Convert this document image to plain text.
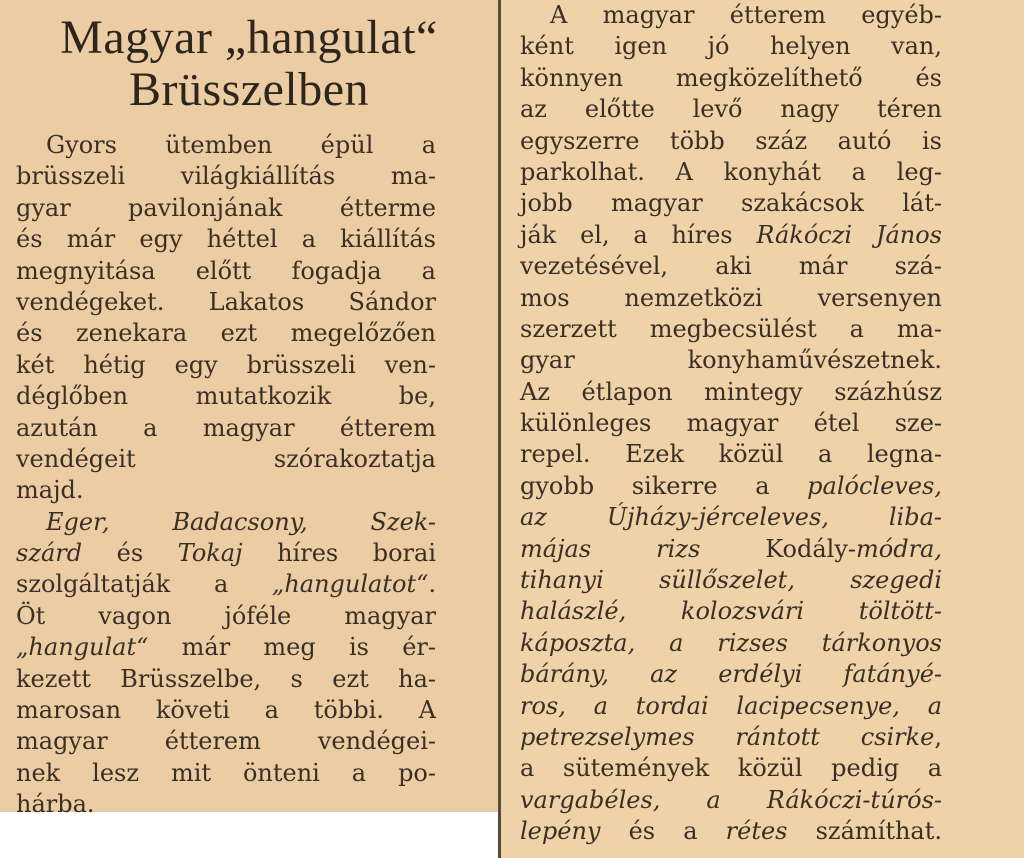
Magyar „hangulat“
Brüsszelben
Gyors ütemben épül a
brüsszeli világkiállítás ma-
gyar pavilonjának étterme
és már egy héttel a kiállítás
megnyitása előtt fogadja a
vendégeket. Lakatos Sándor
és zenekara ezt megelőzően
két hétig egy brüsszeli ven-
déglőben mutatkozik be,
azután a magyar étterem
vendégeit szórakoztatja
majd.
Eger, Badacsony, Szek-
szárd és Tokaj híres borai
szolgáltatják a „hangulatot“.
Öt vagon jóféle magyar
„hangulat“ már meg is ér-
kezett Brüsszelbe, s ezt ha-
marosan követi a többi. A
magyar étterem vendégei-
nek lesz mit önteni a po-
hárba.
A magyar étterem egyéb-
ként igen jó helyen van,
könnyen megközelíthető és
az előtte levő nagy téren
egyszerre több száz autó is
parkolhat. A konyhát a leg-
jobb magyar szakácsok lát-
ják el, a híres Rákóczi János
vezetésével, aki már szá-
mos nemzetközi versenyen
szerzett megbecsülést a ma-
gyar konyhaművészetnek.
Az étlapon mintegy százhúsz
különleges magyar étel sze-
repel. Ezek közül a legna-
gyobb sikerre a palócleves,
az Újházy-jérceleves, liba-
májas rizs Kodály-módra,
tihanyi süllőszelet, szegedi
halászlé, kolozsvári töltött-
káposzta, a rizses tárkonyos
bárány, az erdélyi fatányé-
ros, a tordai lacipecsenye, a
petrezselymes rántott csirke,
a sütemények közül pedig a
vargabéles, a Rákóczi-túrós-
lepény és a rétes számíthat.
